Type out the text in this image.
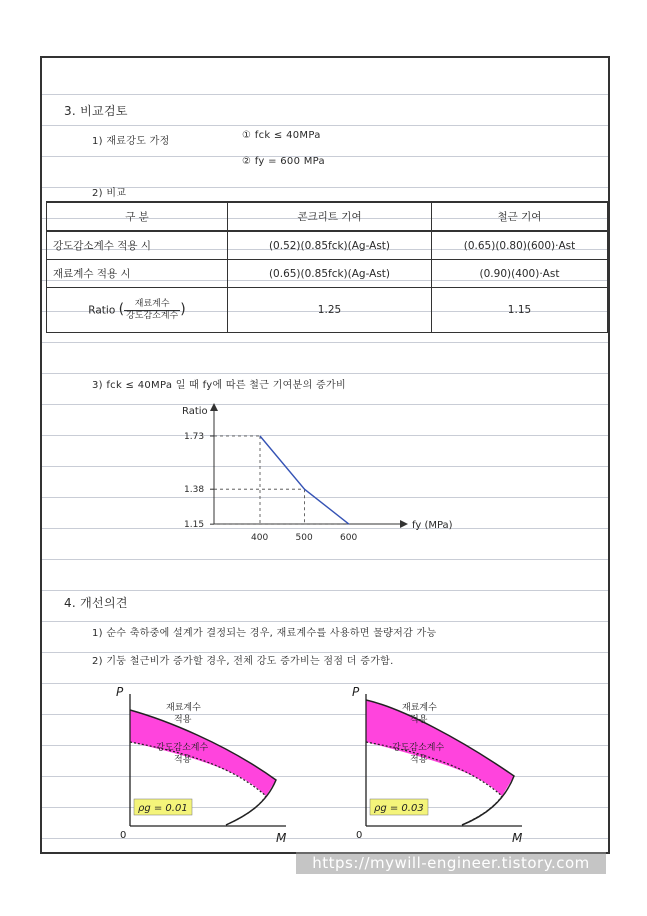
3. 비교검토
1) 재료강도 가정
① fck ≤ 40MPa
② fy = 600 MPa
2) 비교
구 분	콘크리트 기여	철근 기여
강도감소계수 적용 시	(0.52)(0.85fck)(Ag-Ast)	(0.65)(0.80)(600)·Ast
재료계수 적용 시	(0.65)(0.85fck)(Ag-Ast)	(0.90)(400)·Ast
Ratio ( $\frac{\text{재료계수}}{\text{강도감소계수}}$ )	1.25	1.15
3) fck ≤ 40MPa 일 때 fy에 따른 철근 기여분의 증가비
Ratio
fy (MPa)
400
1.73
500
1.38
600
1.15
4. 개선의견
1) 순수 축하중에 설계가 결정되는 경우, 재료계수를 사용하면 물량저감 가능
2) 기둥 철근비가 증가할 경우, 전체 강도 증가비는 점점 더 증가함.
P
M
0
재료계수
적용
강도감소계수
적용
ρg = 0.01
P
M
0
재료계수
적용
강도감소계수
적용
ρg = 0.03
https://mywill-engineer.tistory.com
